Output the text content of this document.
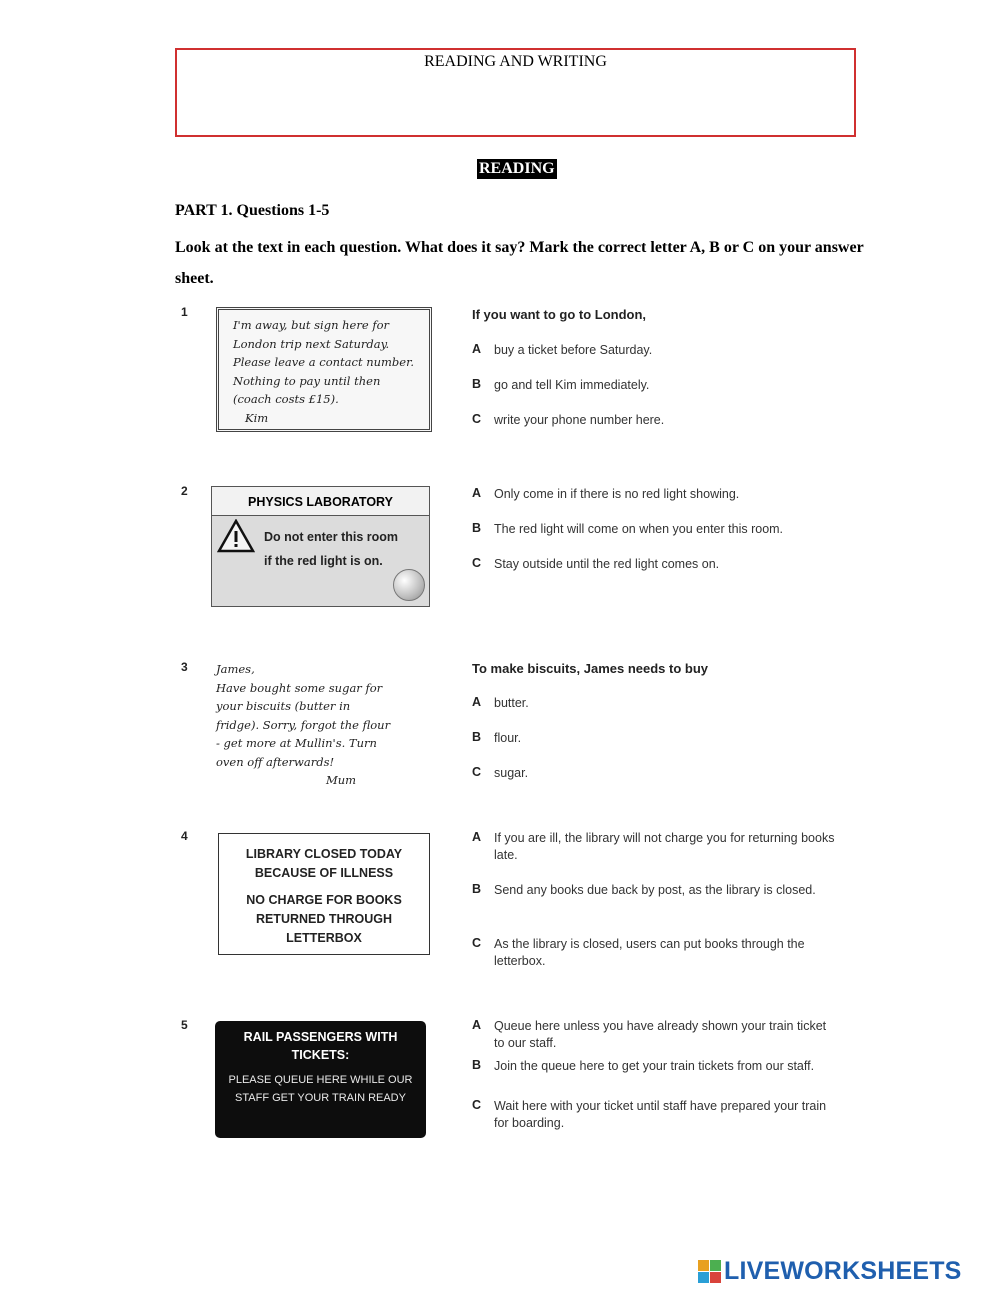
READING AND WRITING
READING
PART 1. Questions 1-5
Look at the text in each question. What does it say? Mark the correct letter A, B or C on your answer sheet.
1
I'm away, but sign here for
London trip next Saturday.
Please leave a contact number.
Nothing to pay until then
(coach costs £15).
Kim
If you want to go to London,
A	buy a ticket before Saturday.
B	go and tell Kim immediately.
C	write your phone number here.
2
PHYSICS LABORATORY
Do not enter this room
if the red light is on.
A	Only come in if there is no red light showing.
B	The red light will come on when you enter this room.
C	Stay outside until the red light comes on.
3 James,
Have bought some sugar for
your biscuits (butter in
fridge). Sorry, forgot the flour
- get more at Mullin's. Turn
oven off afterwards!
Mum
To make biscuits, James needs to buy
A	butter.
B	flour.
C	sugar.
4
LIBRARY CLOSED TODAY
BECAUSE OF ILLNESS
NO CHARGE FOR BOOKS
RETURNED THROUGH
LETTERBOX
A	If you are ill, the library will not charge you for returning books late.
B	Send any books due back by post, as the library is closed.
C	As the library is closed, users can put books through the letterbox.
5
RAIL PASSENGERS WITH TICKETS:
PLEASE QUEUE HERE WHILE OUR
STAFF GET YOUR TRAIN READY
A	Queue here unless you have already shown your train ticket to our staff.
B	Join the queue here to get your train tickets from our staff.
C	Wait here with your ticket until staff have prepared your train for boarding.
LIVEWORKSHEETS
